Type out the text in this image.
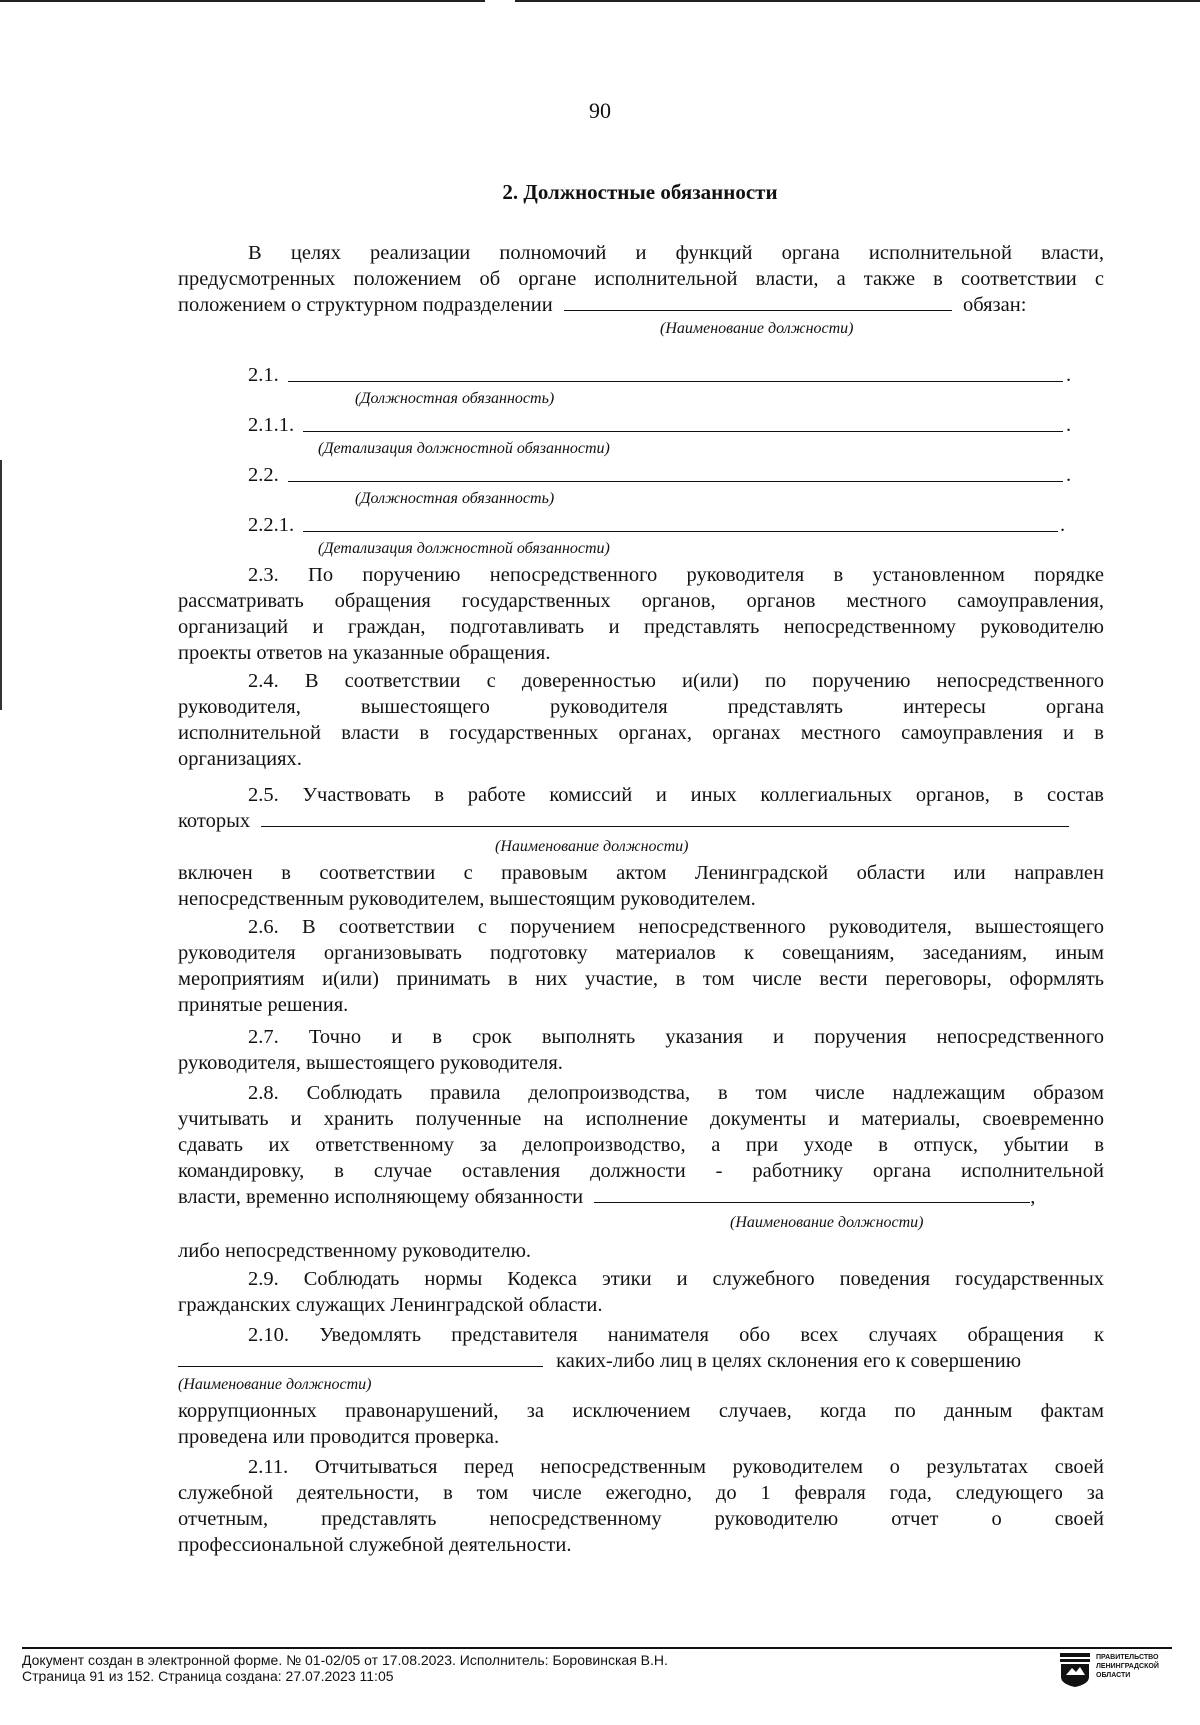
90
2. Должностные обязанности
В целях реализации полномочий и функций органа исполнительной власти,
предусмотренных положением об органе исполнительной власти, а также в соответствии с
положением о структурном подразделении	обязан:
(Наименование должности)
2.1.	.
(Должностная обязанность)
2.1.1.	.
(Детализация должностной обязанности)
2.2.	.
(Должностная обязанность)
2.2.1.	.
(Детализация должностной обязанности)
2.3. По поручению непосредственного руководителя в установленном порядке
рассматривать обращения государственных органов, органов местного самоуправления,
организаций и граждан, подготавливать и представлять непосредственному руководителю
проекты ответов на указанные обращения.
2.4. В соответствии с доверенностью и(или) по поручению непосредственного
руководителя, вышестоящего руководителя представлять интересы органа
исполнительной власти в государственных органах, органах местного самоуправления и в
организациях.
2.5. Участвовать в работе комиссий и иных коллегиальных органов, в состав
которых
(Наименование должности)
включен в соответствии с правовым актом Ленинградской области или направлен
непосредственным руководителем, вышестоящим руководителем.
2.6. В соответствии с поручением непосредственного руководителя, вышестоящего
руководителя организовывать подготовку материалов к совещаниям, заседаниям, иным
мероприятиям и(или) принимать в них участие, в том числе вести переговоры, оформлять
принятые решения.
2.7. Точно и в срок выполнять указания и поручения непосредственного
руководителя, вышестоящего руководителя.
2.8. Соблюдать правила делопроизводства, в том числе надлежащим образом
учитывать и хранить полученные на исполнение документы и материалы, своевременно
сдавать их ответственному за делопроизводство, а при уходе в отпуск, убытии в
командировку, в случае оставления должности - работнику органа исполнительной
власти, временно исполняющему обязанности	,
(Наименование должности)
либо непосредственному руководителю.
2.9. Соблюдать нормы Кодекса этики и служебного поведения государственных
гражданских служащих Ленинградской области.
2.10. Уведомлять представителя нанимателя обо всех случаях обращения к
каких-либо лиц в целях склонения его к совершению
(Наименование должности)
коррупционных правонарушений, за исключением случаев, когда по данным фактам
проведена или проводится проверка.
2.11. Отчитываться перед непосредственным руководителем о результатах своей
служебной деятельности, в том числе ежегодно, до 1 февраля года, следующего за
отчетным, представлять непосредственному руководителю отчет о своей
профессиональной служебной деятельности.
Документ создан в электронной форме. № 01-02/05 от 17.08.2023. Исполнитель: Боровинская В.Н.
Страница 91 из 152. Страница создана: 27.07.2023 11:05
ПРАВИТЕЛЬСТВО
ЛЕНИНГРАДСКОЙ
ОБЛАСТИ
